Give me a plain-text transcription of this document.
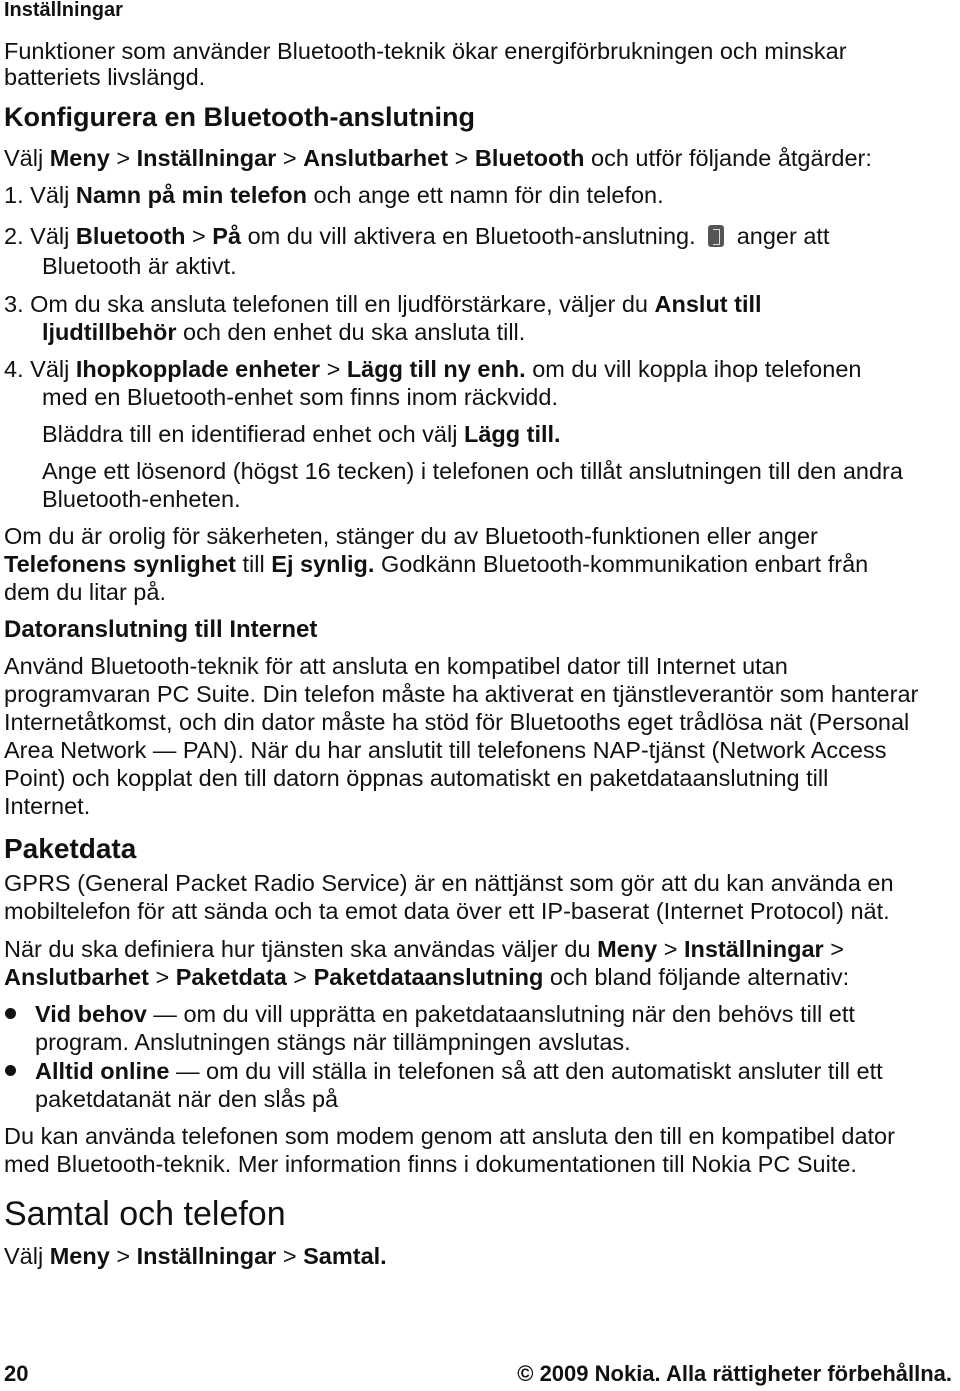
Inställningar
Funktioner som använder Bluetooth-teknik ökar energiförbrukningen och minskar
batteriets livslängd.
Konfigurera en Bluetooth-anslutning
Välj Meny > Inställningar > Anslutbarhet > Bluetooth och utför följande åtgärder:
1. Välj Namn på min telefon och ange ett namn för din telefon.
2. Välj Bluetooth > På om du vill aktivera en Bluetooth-anslutning. anger att
Bluetooth är aktivt.
3. Om du ska ansluta telefonen till en ljudförstärkare, väljer du Anslut till
ljudtillbehör och den enhet du ska ansluta till.
4. Välj Ihopkopplade enheter > Lägg till ny enh. om du vill koppla ihop telefonen
med en Bluetooth-enhet som finns inom räckvidd.
Bläddra till en identifierad enhet och välj Lägg till.
Ange ett lösenord (högst 16 tecken) i telefonen och tillåt anslutningen till den andra
Bluetooth-enheten.
Om du är orolig för säkerheten, stänger du av Bluetooth-funktionen eller anger
Telefonens synlighet till Ej synlig. Godkänn Bluetooth-kommunikation enbart från
dem du litar på.
Datoranslutning till Internet
Använd Bluetooth-teknik för att ansluta en kompatibel dator till Internet utan
programvaran PC Suite. Din telefon måste ha aktiverat en tjänstleverantör som hanterar
Internetåtkomst, och din dator måste ha stöd för Bluetooths eget trådlösa nät (Personal
Area Network — PAN). När du har anslutit till telefonens NAP-tjänst (Network Access
Point) och kopplat den till datorn öppnas automatiskt en paketdataanslutning till
Internet.
Paketdata
GPRS (General Packet Radio Service) är en nättjänst som gör att du kan använda en
mobiltelefon för att sända och ta emot data över ett IP-baserat (Internet Protocol) nät.
När du ska definiera hur tjänsten ska användas väljer du Meny > Inställningar >
Anslutbarhet > Paketdata > Paketdataanslutning och bland följande alternativ:
Vid behov — om du vill upprätta en paketdataanslutning när den behövs till ett
program. Anslutningen stängs när tillämpningen avslutas.
Alltid online — om du vill ställa in telefonen så att den automatiskt ansluter till ett
paketdatanät när den slås på
Du kan använda telefonen som modem genom att ansluta den till en kompatibel dator
med Bluetooth-teknik. Mer information finns i dokumentationen till Nokia PC Suite.
Samtal och telefon
Välj Meny > Inställningar > Samtal.
20	© 2009 Nokia. Alla rättigheter förbehållna.
